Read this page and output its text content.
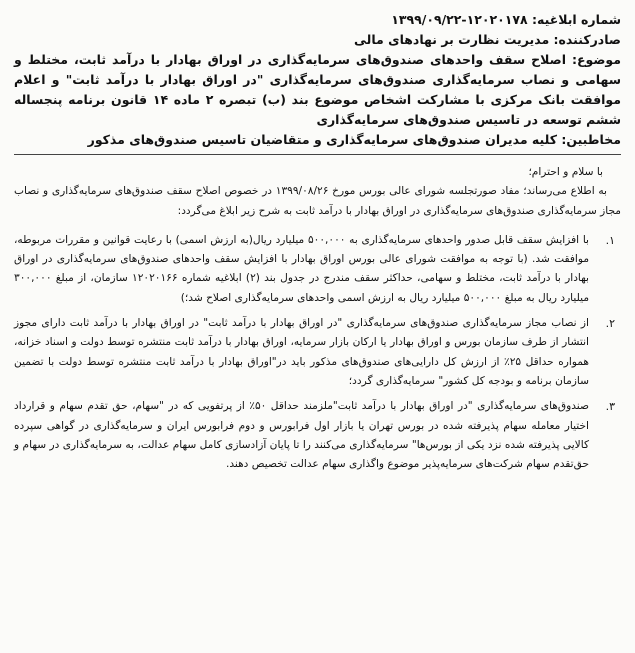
شماره ابلاغیه: ۱۲۰۲۰۱۷۸-۱۳۹۹/۰۹/۲۲
صادرکننده: مدیریت نظارت بر نهادهای مالی
موضوع: اصلاح سقف واحدهای صندوق‌های سرمایه‌گذاری در اوراق بهادار با درآمد ثابت، مختلط و سهامی و نصاب سرمایه‌گذاری صندوق‌های سرمایه‌گذاری "در اوراق بهادار با درآمد ثابت" و اعلام موافقت بانک مرکزی با مشارکت اشخاص موضوع بند (ب) تبصره ۲ ماده ۱۴ قانون برنامه پنجساله ششم توسعه در تاسیس صندوق‌های سرمایه‌گذاری
مخاطبین: کلیه مدیران صندوق‌های سرمایه‌گذاری و متقاضیان تاسیس صندوق‌های مذکور

با سلام و احترام؛

به اطلاع می‌رساند؛ مفاد صورتجلسه شورای عالی بورس مورخ ۱۳۹۹/۰۸/۲۶ در خصوص اصلاح سقف صندوق‌های سرمایه‌گذاری و نصاب مجاز سرمایه‌گذاری صندوق‌های سرمایه‌گذاری در اوراق بهادار با درآمد ثابت به شرح زیر ابلاغ می‌گردد:

۱.
با افزایش سقف قابل صدور واحدهای سرمایه‌گذاری به ۵۰۰,۰۰۰ میلیارد ریال(به ارزش اسمی) با رعایت قوانین و مقررات مربوطه، موافقت شد. (با توجه به موافقت شورای عالی بورس اوراق بهادار با افزایش سقف واحدهای صندوق‌های سرمایه‌گذاری در اوراق بهادار با درآمد ثابت، مختلط و سهامی، حداکثر سقف مندرج در جدول بند (۲) ابلاغیه شماره ۱۲۰۲۰۱۶۶ سازمان، از مبلغ ۳۰۰,۰۰۰ میلیارد ریال به مبلغ ۵۰۰,۰۰۰ میلیارد ریال به ارزش اسمی واحدهای سرمایه‌گذاری اصلاح شد؛)
۲.
از نصاب مجاز سرمایه‌گذاری صندوق‌های سرمایه‌گذاری "در اوراق بهادار با درآمد ثابت" در اوراق بهادار با درآمد ثابت دارای مجوز انتشار از طرف سازمان بورس و اوراق بهادار یا ارکان بازار سرمایه، اوراق بهادار با درآمد ثابت منتشره توسط دولت و اسناد خزانه، همواره حداقل ۲۵٪ از ارزش کل دارایی‌های صندوق‌های مذکور باید در"اوراق بهادار با درآمد ثابت منتشره توسط دولت با تضمین سازمان برنامه و بودجه کل کشور" سرمایه‌گذاری گردد؛
۳.
صندوق‌های سرمایه‌گذاری "در اوراق بهادار با درآمد ثابت"ملزمند حداقل ۵۰٪ از پرتفویی که در "سهام، حق تقدم سهام و قرارداد اختیار معامله سهام پذیرفته شده در بورس تهران یا بازار اول فرابورس و دوم فرابورس ایران و سرمایه‌گذاری در گواهی سپرده کالایی پذیرفته شده نزد یکی از بورس‌ها" سرمایه‌گذاری می‌کنند را تا پایان آزادسازی کامل سهام عدالت، به سرمایه‌گذاری در سهام و حق‌تقدم سهام شرکت‌های سرمایه‌پذیر موضوع واگذاری سهام عدالت تخصیص دهند.
